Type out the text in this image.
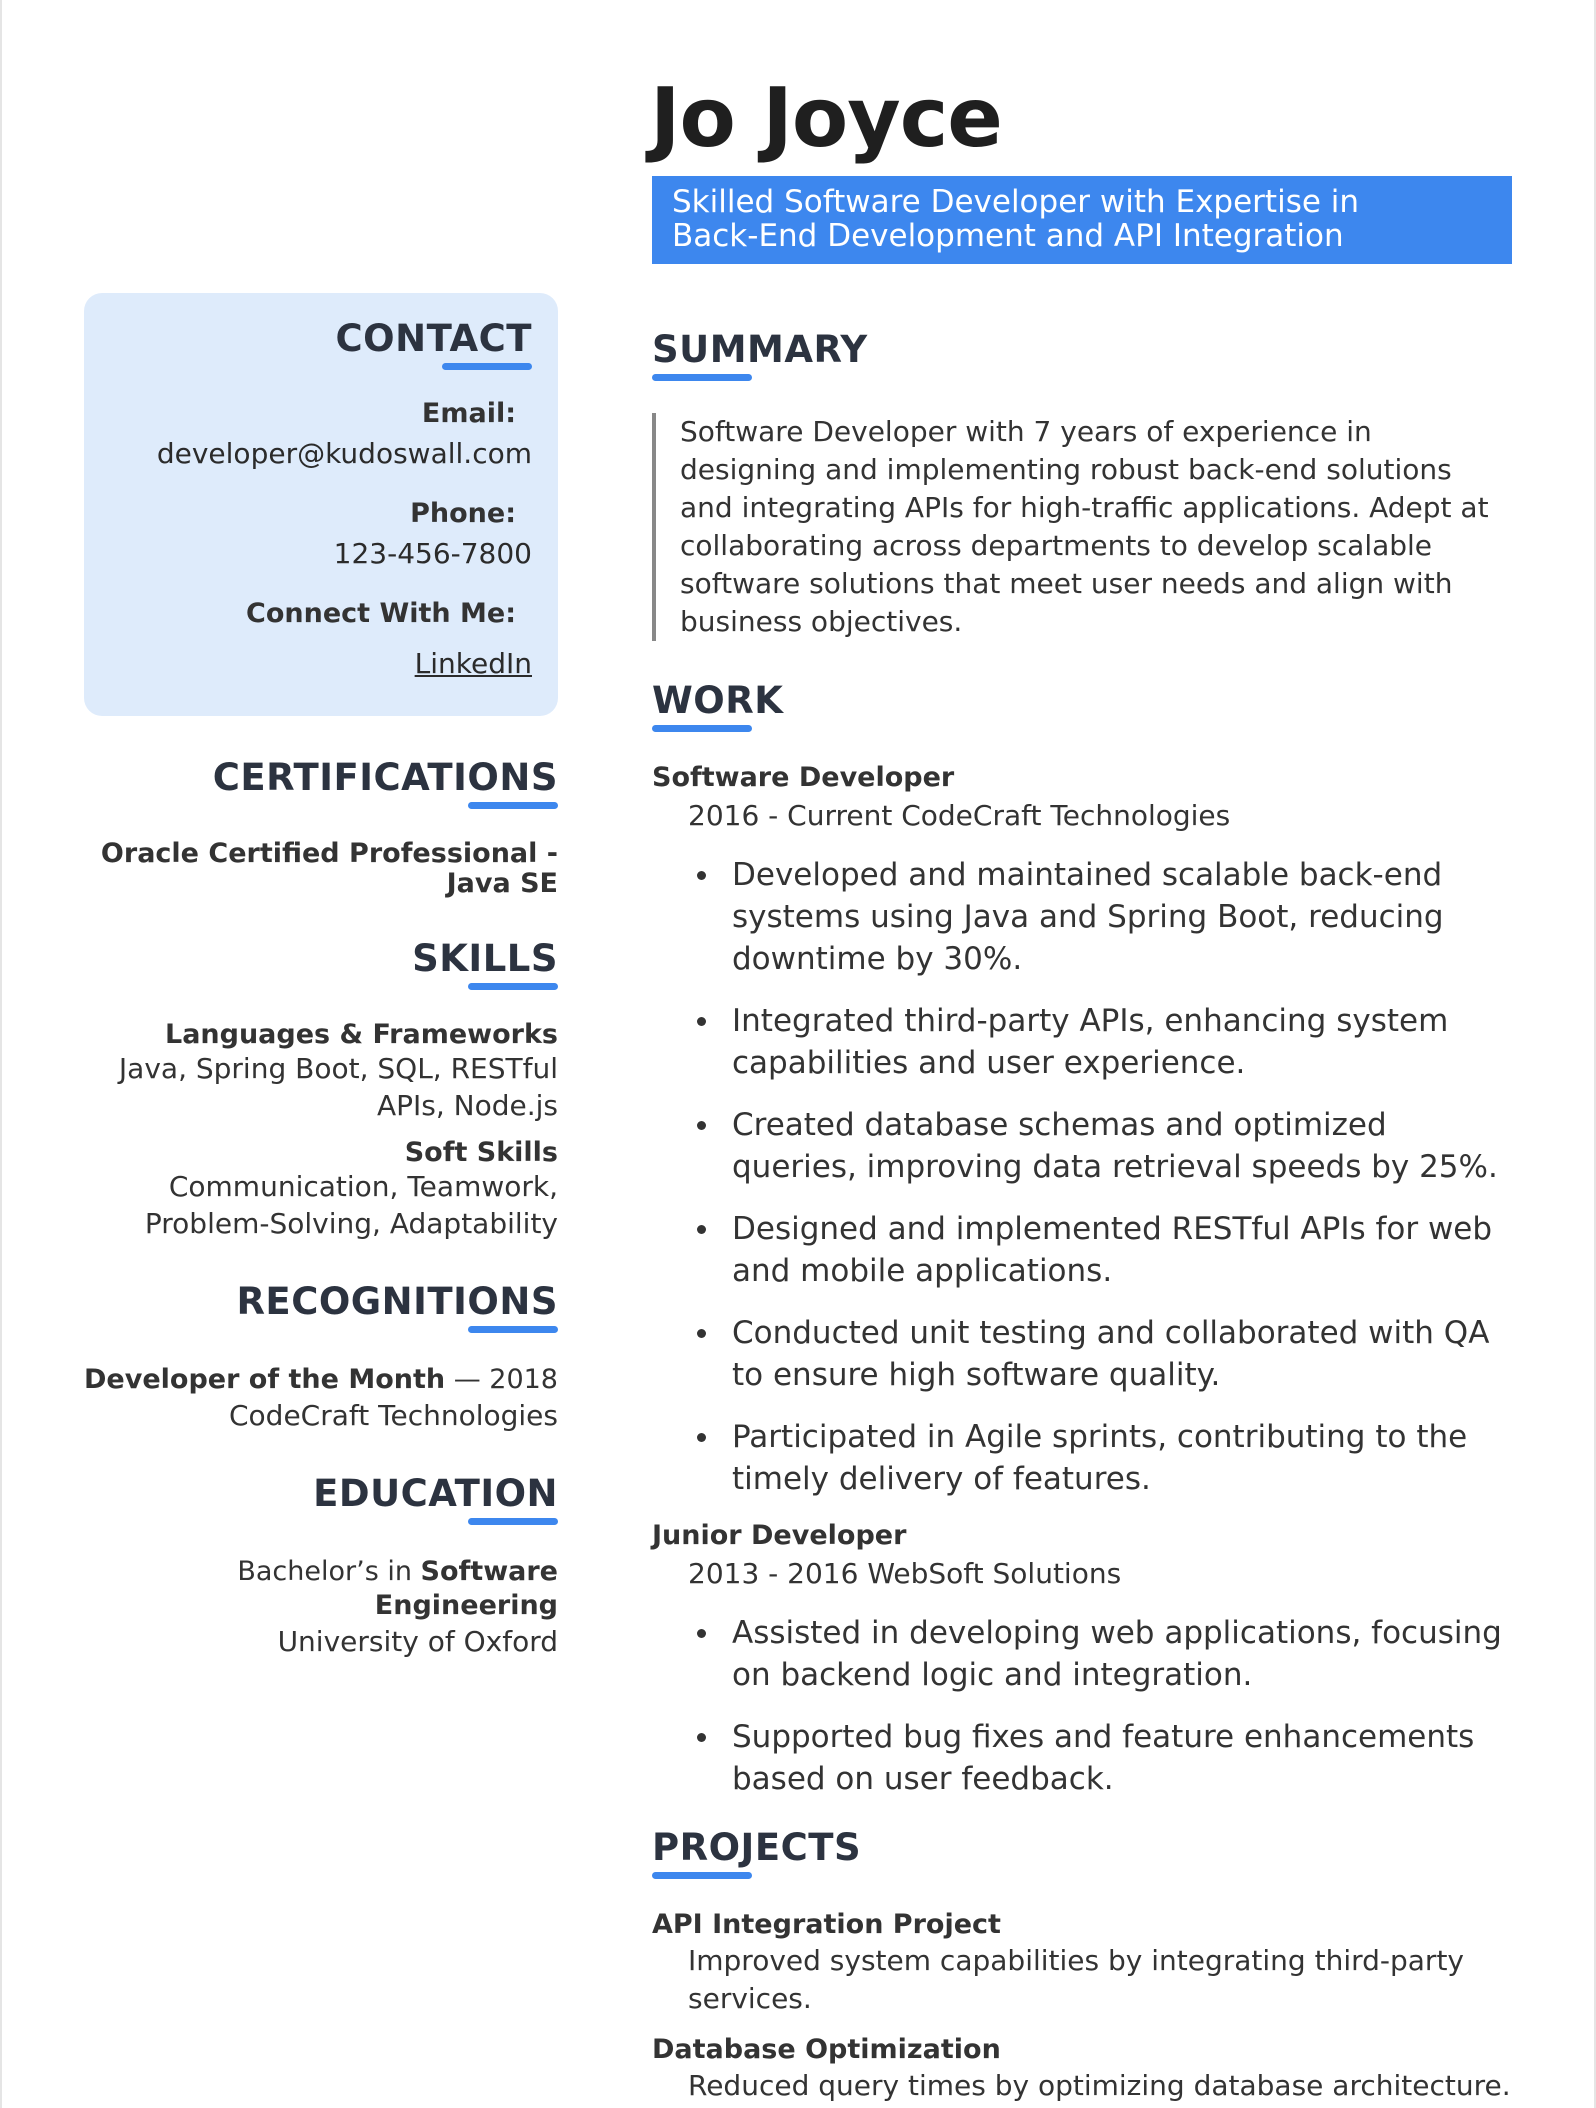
Jo Joyce
Skilled Software Developer with Expertise in
Back-End Development and API Integration
CONTACT
Email:
developer@kudoswall.com
Phone:
123-456-7800
Connect With Me:
LinkedIn
CERTIFICATIONS
Oracle Certified Professional -
Java SE
SKILLS
Languages & Frameworks
Java, Spring Boot, SQL, RESTful
APIs, Node.js
Soft Skills
Communication, Teamwork,
Problem-Solving, Adaptability
RECOGNITIONS
Developer of the Month — 2018
CodeCraft Technologies
EDUCATION
Bachelor’s in Software Engineering
University of Oxford
SUMMARY
Software Developer with 7 years of experience in designing and implementing robust back-end solutions and integrating APIs for high-traffic applications. Adept at collaborating across departments to develop scalable software solutions that meet user needs and align with business objectives.
WORK
Software Developer
2016 - Current CodeCraft Technologies
Developed and maintained scalable back-end systems using Java and Spring Boot, reducing downtime by 30%.
Integrated third-party APIs, enhancing system capabilities and user experience.
Created database schemas and optimized queries, improving data retrieval speeds by 25%.
Designed and implemented RESTful APIs for web and mobile applications.
Conducted unit testing and collaborated with QA to ensure high software quality.
Participated in Agile sprints, contributing to the timely delivery of features.
Junior Developer
2013 - 2016 WebSoft Solutions
Assisted in developing web applications, focusing on backend logic and integration.
Supported bug fixes and feature enhancements based on user feedback.
PROJECTS
API Integration Project
Improved system capabilities by integrating third-party services.
Database Optimization
Reduced query times by optimizing database architecture.
